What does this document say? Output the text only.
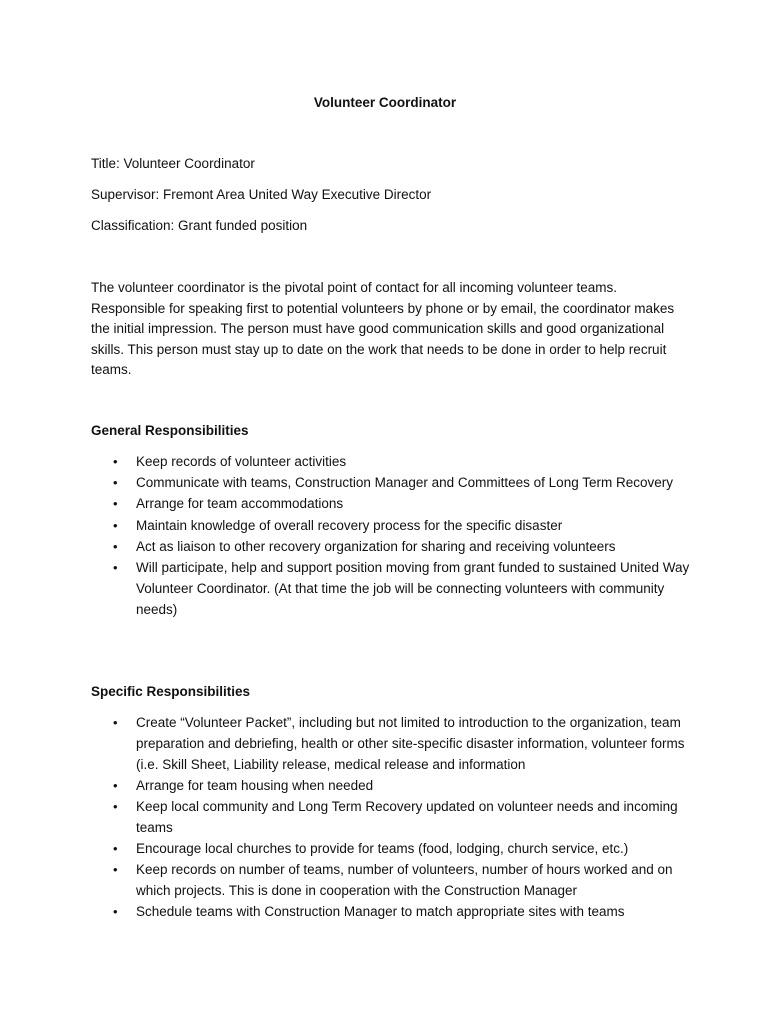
Volunteer Coordinator

Title: Volunteer Coordinator

Supervisor: Fremont Area United Way Executive Director

Classification: Grant funded position

The volunteer coordinator is the pivotal point of contact for all incoming volunteer teams. Responsible for speaking first to potential volunteers by phone or by email, the coordinator makes the initial impression. The person must have good communication skills and good organizational skills. This person must stay up to date on the work that needs to be done in order to help recruit teams.

General Responsibilities
• Keep records of volunteer activities
• Communicate with teams, Construction Manager and Committees of Long Term Recovery
• Arrange for team accommodations
• Maintain knowledge of overall recovery process for the specific disaster
• Act as liaison to other recovery organization for sharing and receiving volunteers
• Will participate, help and support position moving from grant funded to sustained United Way Volunteer Coordinator. (At that time the job will be connecting volunteers with community needs)
Specific Responsibilities
• Create “Volunteer Packet”, including but not limited to introduction to the organization, team preparation and debriefing, health or other site-specific disaster information, volunteer forms (i.e. Skill Sheet, Liability release, medical release and information
• Arrange for team housing when needed
• Keep local community and Long Term Recovery updated on volunteer needs and incoming teams
• Encourage local churches to provide for teams (food, lodging, church service, etc.)
• Keep records on number of teams, number of volunteers, number of hours worked and on which projects. This is done in cooperation with the Construction Manager
• Schedule teams with Construction Manager to match appropriate sites with teams
